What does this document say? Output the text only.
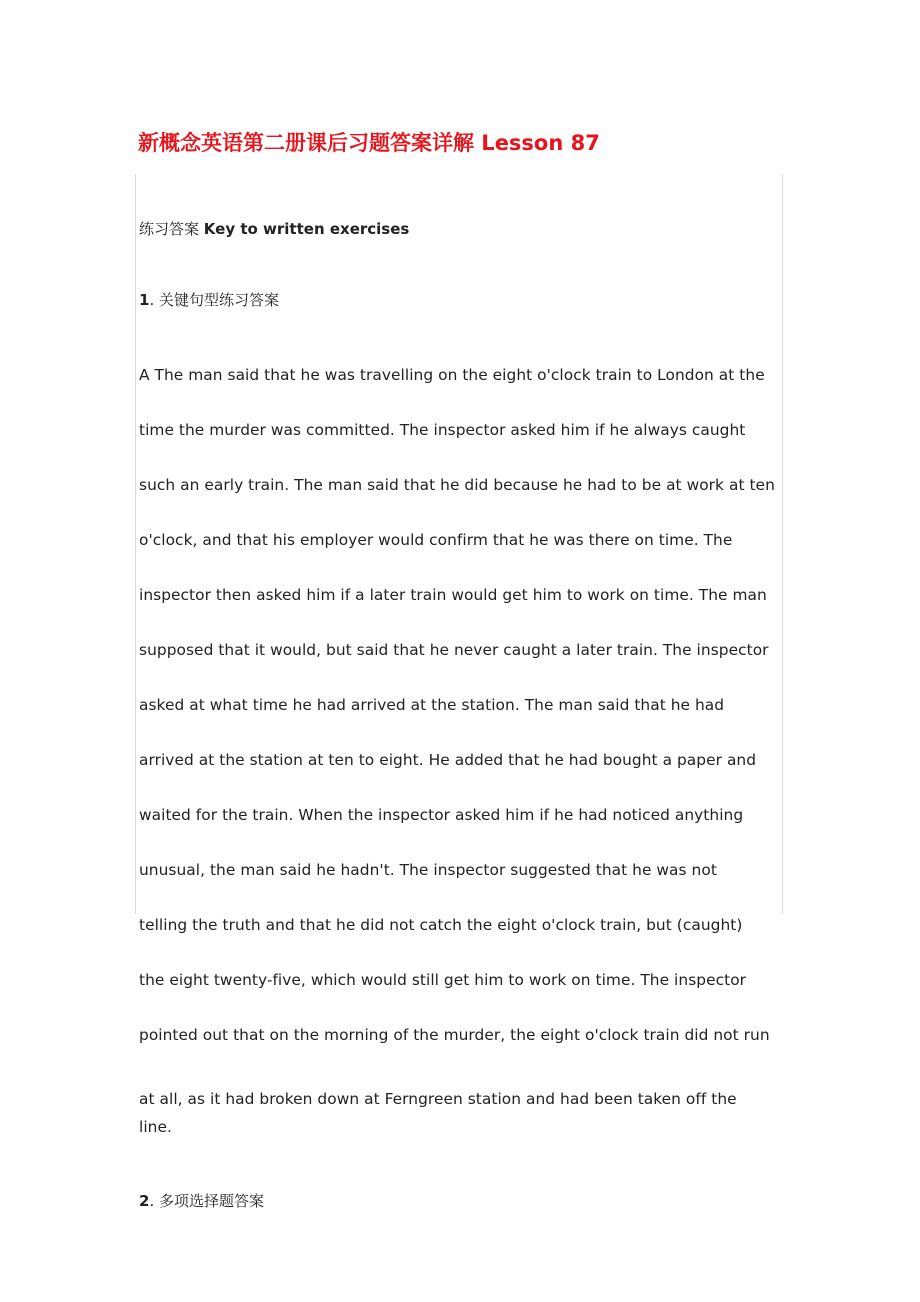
新概念英语第二册课后习题答案详解 Lesson 87

练习答案 Key to written exercises

1. 关键句型练习答案

A The man said that he was travelling on the eight o'clock train to London at the

time the murder was committed. The inspector asked him if he always caught

such an early train. The man said that he did because he had to be at work at ten

o'clock, and that his employer would confirm that he was there on time. The

inspector then asked him if a later train would get him to work on time. The man

supposed that it would, but said that he never caught a later train. The inspector

asked at what time he had arrived at the station. The man said that he had

arrived at the station at ten to eight. He added that he had bought a paper and

waited for the train. When the inspector asked him if he had noticed anything

unusual, the man said he hadn't. The inspector suggested that he was not

telling the truth and that he did not catch the eight o'clock train, but (caught)

the eight twenty-five, which would still get him to work on time. The inspector

pointed out that on the morning of the murder, the eight o'clock train did not run

at all, as it had broken down at Ferngreen station and had been taken off the

line.

2. 多项选择题答案
